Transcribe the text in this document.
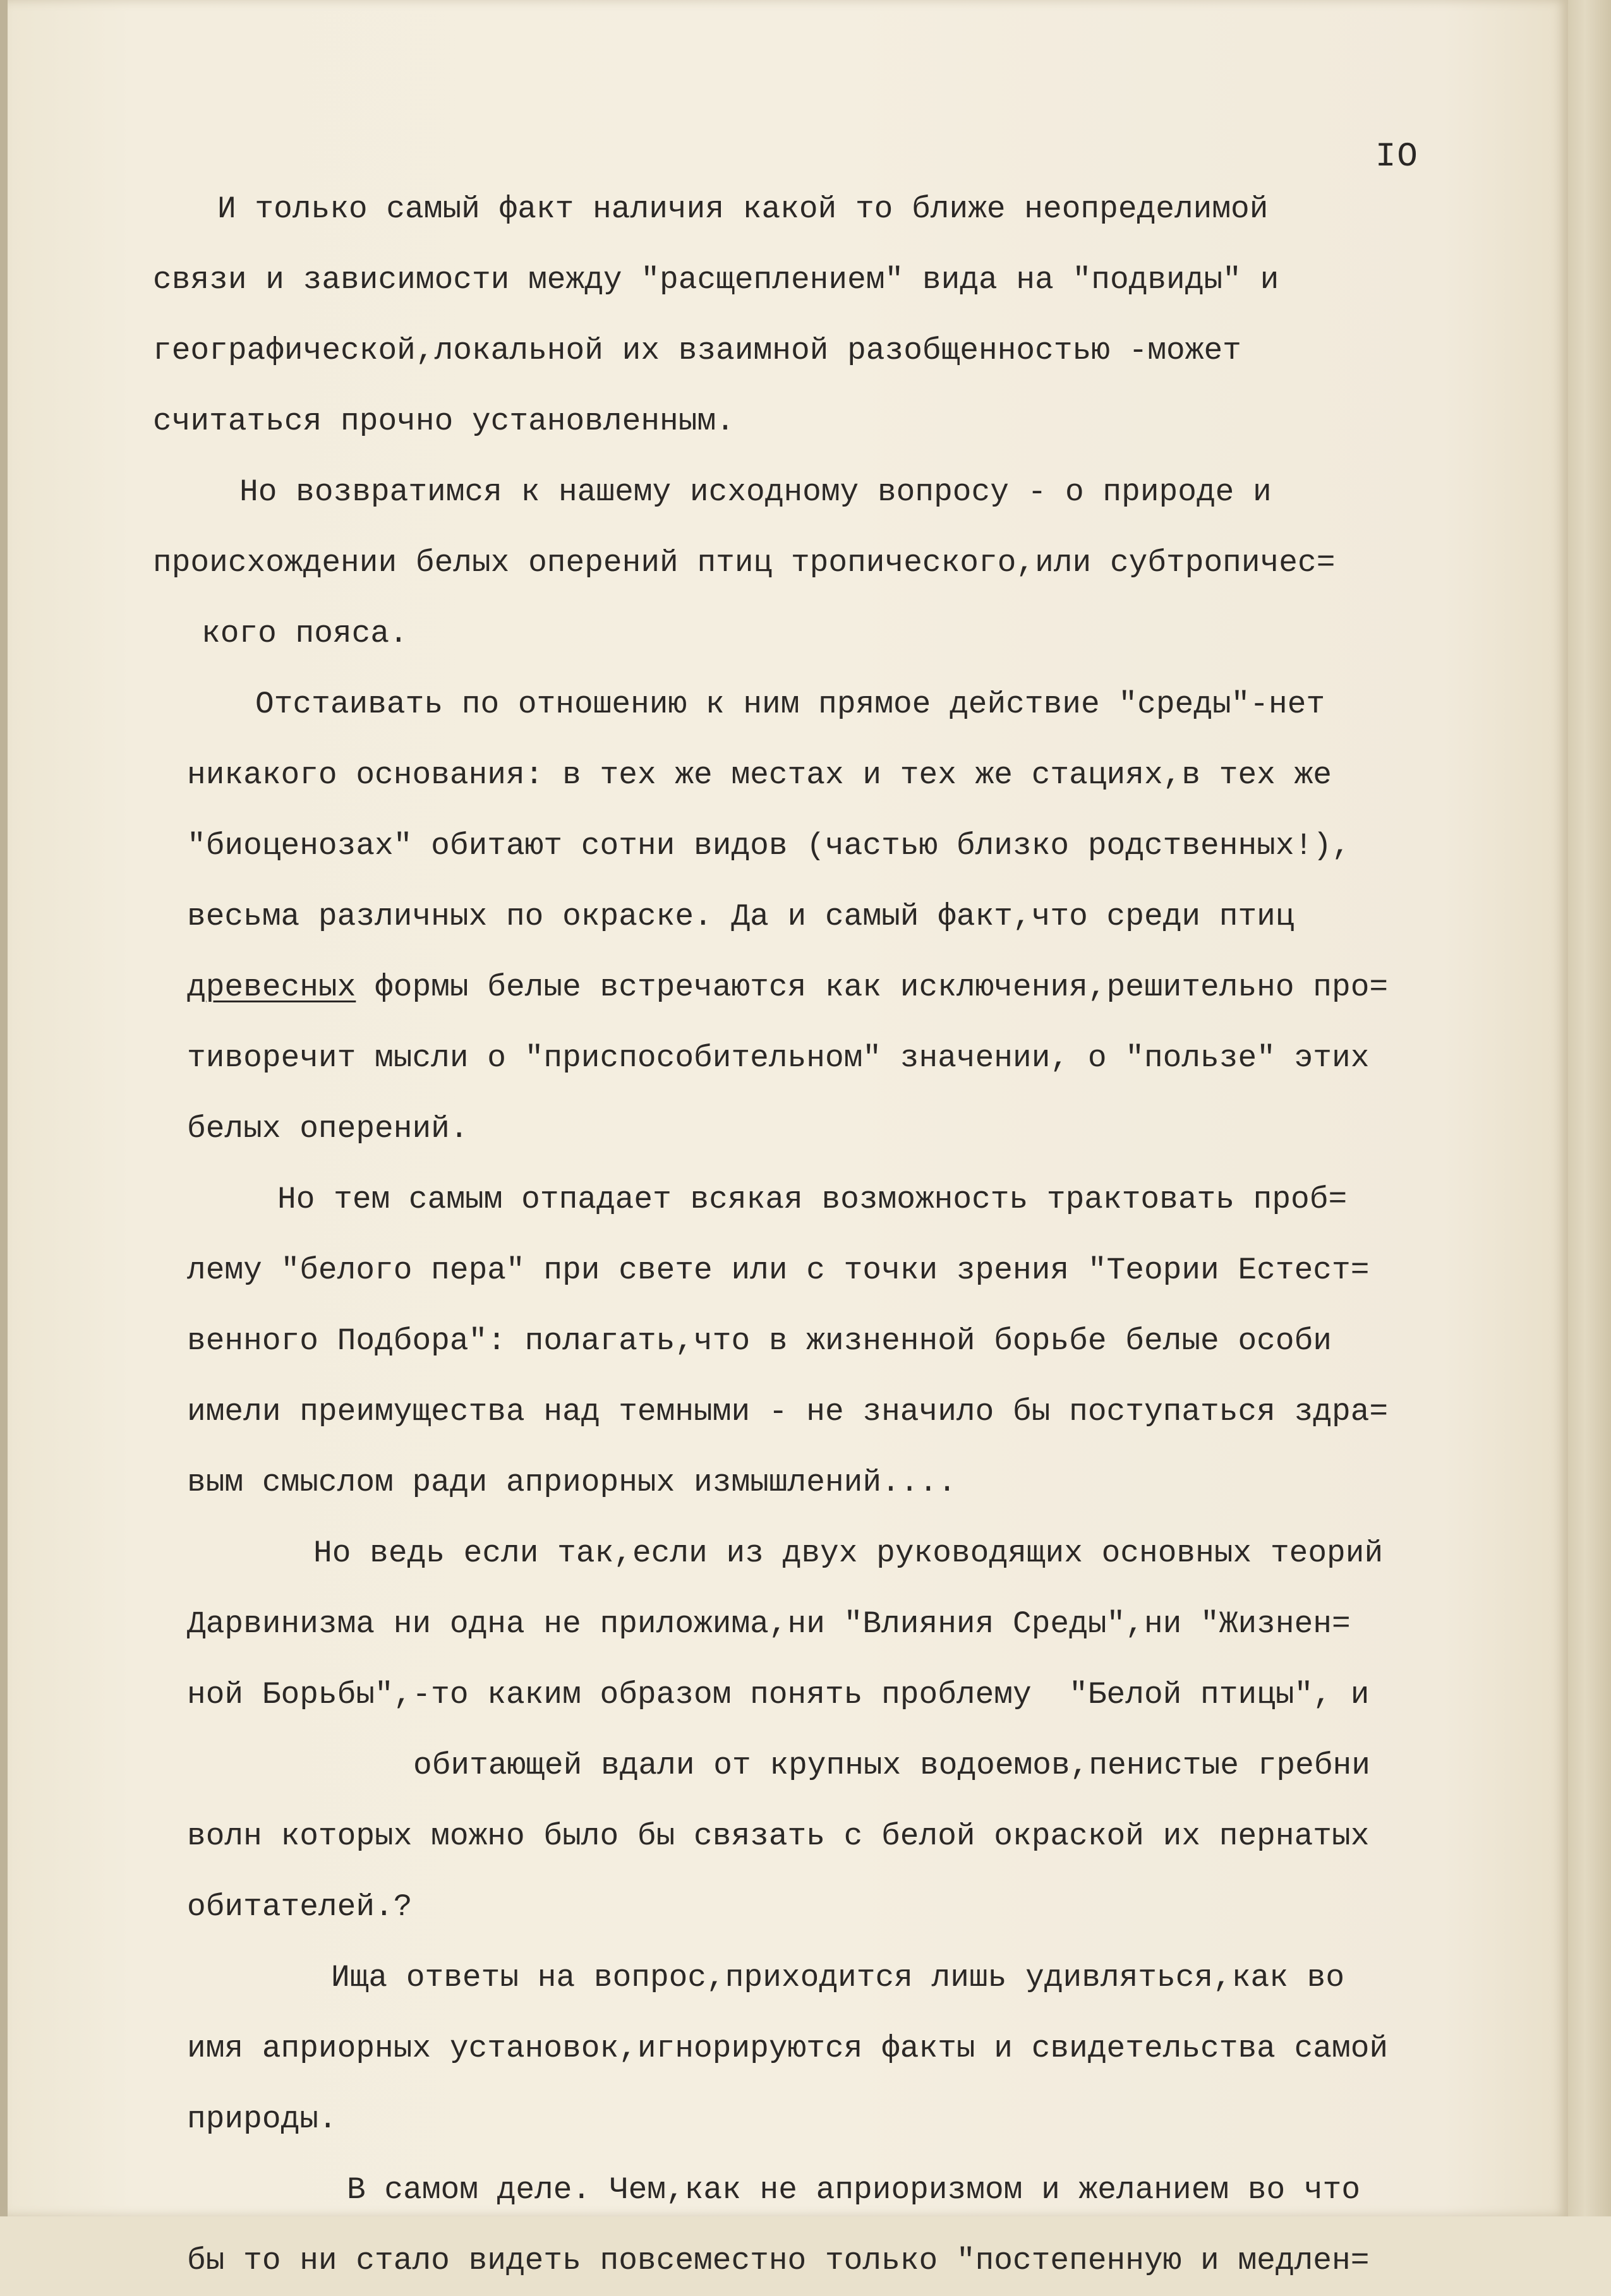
IO

И только самый факт наличия какой то ближе неопределимой
связи и зависимости между "расщеплением" вида на "подвиды" и
географической,локальной их взаимной разобщенностью -может
считаться прочно установленным.

Но возвратимся к нашему исходному вопросу - о природе и
происхождении белых оперений птиц тропического,или субтропичес=
кого пояса.

Отстаивать по отношению к ним прямое действие "среды"-нет
никакого основания: в тех же местах и тех же стациях,в тех же
"биоценозах" обитают сотни видов (частью близко родственных!),
весьма различных по окраске. Да и самый факт,что среди птиц
древесных формы белые встречаются как исключения,решительно про=
тиворечит мысли о "приспособительном" значении, о "пользе" этих
белых оперений.

Но тем самым отпадает всякая возможность трактовать проб=
лему "белого пера" при свете или с точки зрения "Теории Естест=
венного Подбора": полагать,что в жизненной борьбе белые особи
имели преимущества над темными - не значило бы поступаться здра=
вым смыслом ради априорных измышлений....

Но ведь если так,если из двух руководящих основных теорий
Дарвинизма ни одна не приложима,ни "Влияния Среды",ни "Жизнен=
ной Борьбы",-то каким образом понять проблему  "Белой птицы", и
обитающей вдали от крупных водоемов,пенистые гребни
волн которых можно было бы связать с белой окраской их пернатых
обитателей.?

Ища ответы на вопрос,приходится лишь удивляться,как во
имя априорных установок,игнорируются факты и свидетельства самой
природы.

В самом деле. Чем,как не априоризмом и желанием во что
бы то ни стало видеть повсеместно только "постепенную и медлен=
